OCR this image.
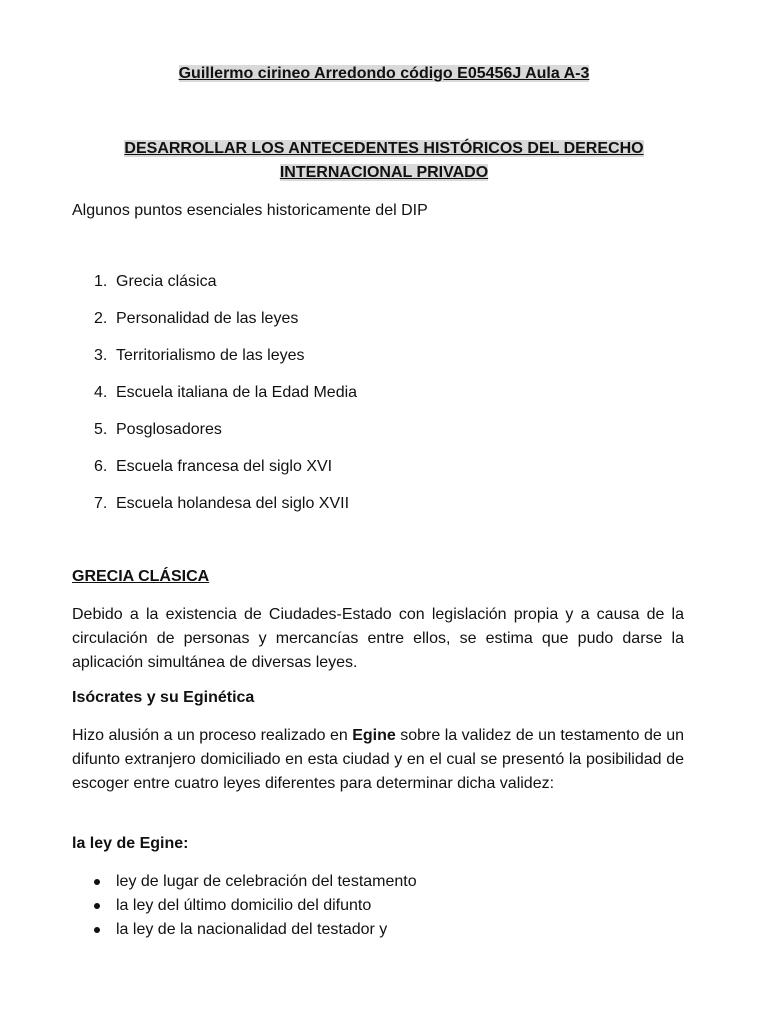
Guillermo cirineo Arredondo código E05456J Aula A-3
DESARROLLAR LOS ANTECEDENTES HISTÓRICOS DEL DERECHO
INTERNACIONAL PRIVADO
Algunos puntos esenciales historicamente del DIP
1. Grecia clásica
2. Personalidad de las leyes
3. Territorialismo de las leyes
4. Escuela italiana de la Edad Media
5. Posglosadores
6. Escuela francesa del siglo XVI
7. Escuela holandesa del siglo XVII
GRECIA CLÁSICA
Debido a la existencia de Ciudades-Estado con legislación propia y a causa de la circulación de personas y mercancías entre ellos, se estima que pudo darse la aplicación simultánea de diversas leyes.
Isócrates y su Eginética
Hizo alusión a un proceso realizado en Egine sobre la validez de un testamento de un difunto extranjero domiciliado en esta ciudad y en el cual se presentó la posibilidad de escoger entre cuatro leyes diferentes para determinar dicha validez:
la ley de Egine:
ley de lugar de celebración del testamento
la ley del último domicilio del difunto
la ley de la nacionalidad del testador y
